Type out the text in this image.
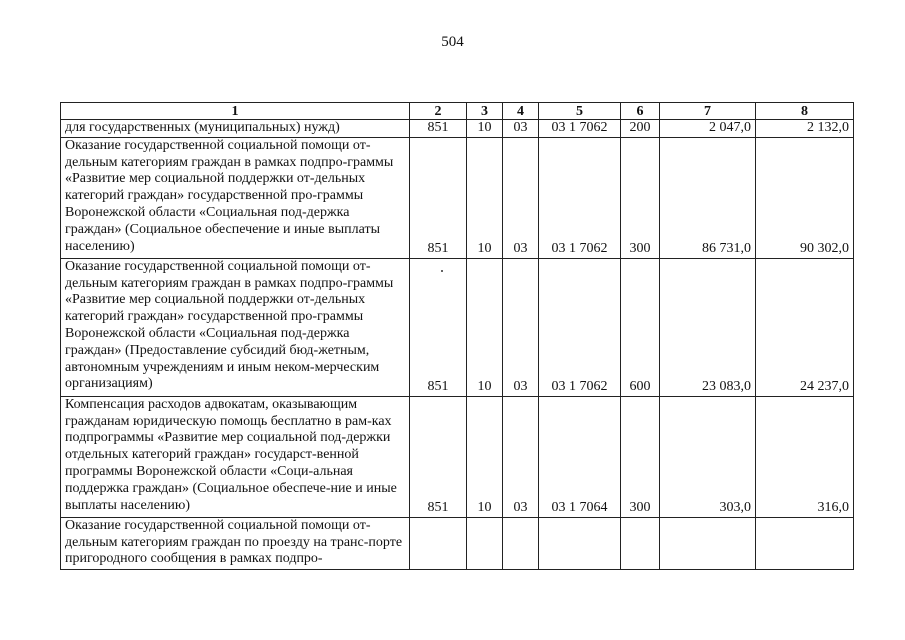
504
1	2	3	4	5	6	7	8
для государственных (муниципальных) нужд)	851	10	03	03 1 7062	200	2 047,0	2 132,0
Оказание государственной социальной помощи от-дельным категориям граждан в рамках подпро-граммы «Развитие мер социальной поддержки от-дельных категорий граждан» государственной про-граммы Воронежской области «Социальная под-держка граждан» (Социальное обеспечение и иные выплаты населению)	851	10	03	03 1 7062	300	86 731,0	90 302,0
Оказание государственной социальной помощи от-дельным категориям граждан в рамках подпро-граммы «Развитие мер социальной поддержки от-дельных категорий граждан» государственной про-граммы Воронежской области «Социальная под-держка граждан» (Предоставление субсидий бюд-жетным, автономным учреждениям и иным неком-мерческим организациям)	851	10	03	03 1 7062	600	23 083,0	24 237,0
Компенсация расходов адвокатам, оказывающим гражданам юридическую помощь бесплатно в рам-ках подпрограммы «Развитие мер социальной под-держки отдельных категорий граждан» государст-венной программы Воронежской области «Соци-альная поддержка граждан» (Социальное обеспече-ние и иные выплаты населению)	851	10	03	03 1 7064	300	303,0	316,0
Оказание государственной социальной помощи от-дельным категориям граждан по проезду на транс-порте пригородного сообщения в рамках подпро-							
